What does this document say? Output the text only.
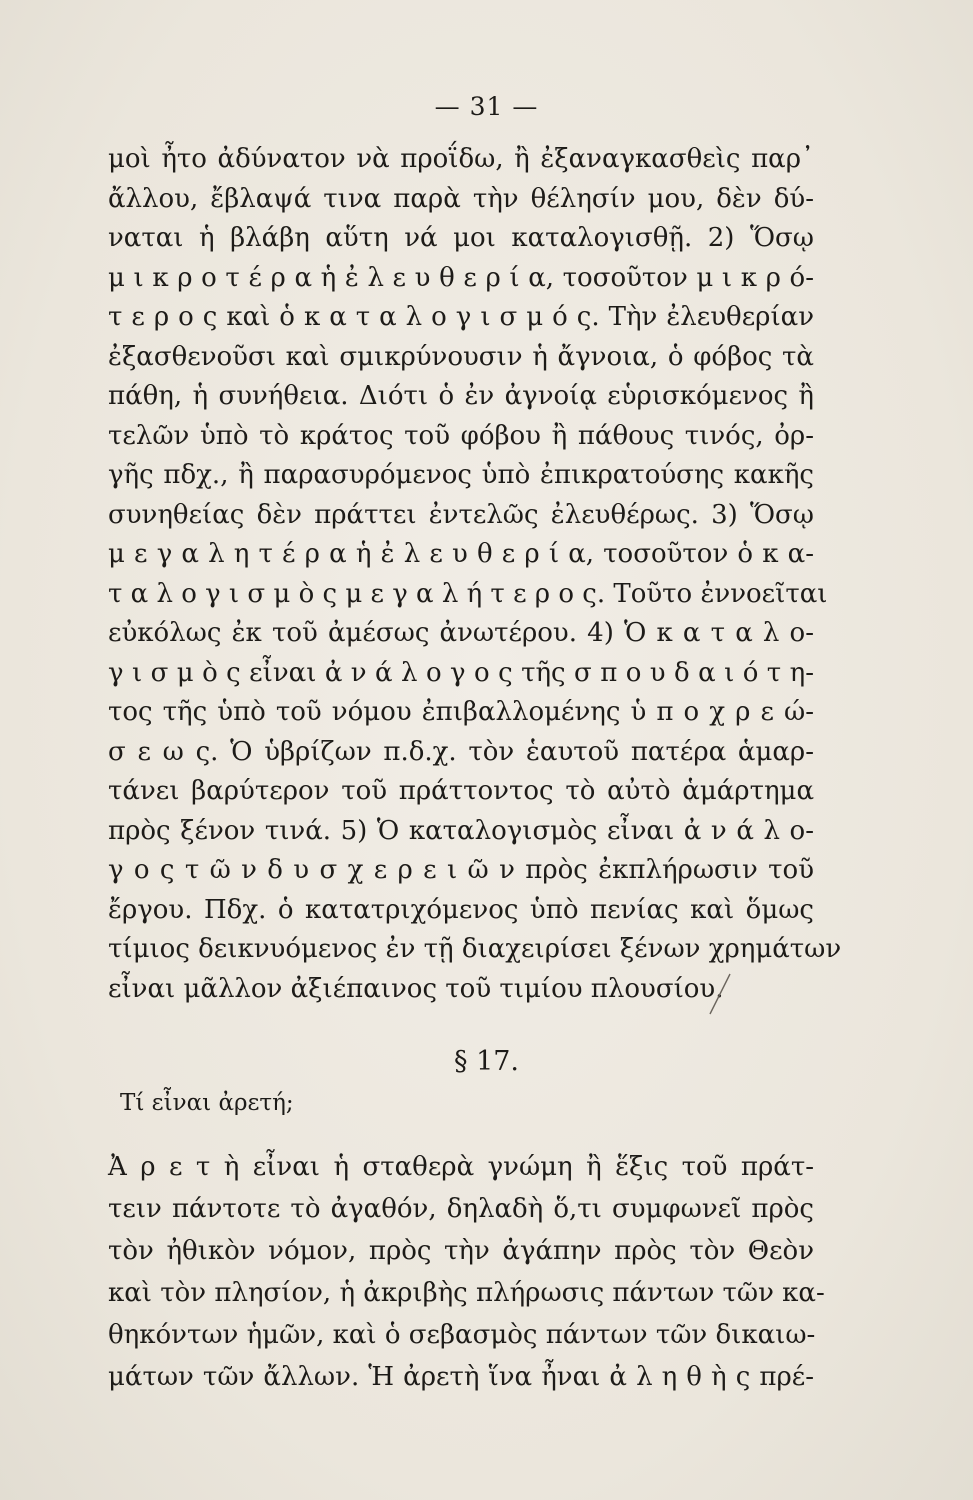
— 31 —
μοὶ ἦτο ἀδύνατον νὰ προΐδω, ἢ ἐξαναγκασθεὶς παρ᾽
ἄλλου, ἔβλαψά τινα παρὰ τὴν θέλησίν μου, δὲν δύ-
ναται ἡ βλάβη αὕτη νά μοι καταλογισθῇ. 2) Ὅσῳ
μ ι κ ρ ο τ έ ρ α ἡ ἐ λ ε υ θ ε ρ ί α, τοσοῦτον μ ι κ ρ ό-
τ ε ρ ο ς καὶ ὁ κ α τ α λ ο γ ι σ μ ό ς. Τὴν ἐλευθερίαν
ἐξασθενοῦσι καὶ σμικρύνουσιν ἡ ἄγνοια, ὁ φόβος τὰ
πάθη, ἡ συνήθεια. Διότι ὁ ἐν ἀγνοίᾳ εὑρισκόμενος ἢ
τελῶν ὑπὸ τὸ κράτος τοῦ φόβου ἢ πάθους τινός, ὀρ-
γῆς πδχ., ἢ παρασυρόμενος ὑπὸ ἐπικρατούσης κακῆς
συνηθείας δὲν πράττει ἐντελῶς ἐλευθέρως. 3) Ὅσῳ
μ ε γ α λ η τ έ ρ α ἡ ἐ λ ε υ θ ε ρ ί α, τοσοῦτον ὁ κ α-
τ α λ ο γ ι σ μ ὸ ς μ ε γ α λ ή τ ε ρ ο ς. Τοῦτο ἐννοεῖται
εὐκόλως ἐκ τοῦ ἀμέσως ἀνωτέρου. 4) Ὁ κ α τ α λ ο-
γ ι σ μ ὸ ς εἶναι ἀ ν ά λ ο γ ο ς τῆς σ π ο υ δ α ι ό τ η-
τος τῆς ὑπὸ τοῦ νόμου ἐπιβαλλομένης ὑ π ο χ ρ ε ώ-
σ ε ω ς. Ὁ ὑβρίζων π.δ.χ. τὸν ἑαυτοῦ πατέρα ἁμαρ-
τάνει βαρύτερον τοῦ πράττοντος τὸ αὐτὸ ἁμάρτημα
πρὸς ξένον τινά. 5) Ὁ καταλογισμὸς εἶναι ἀ ν ά λ ο-
γ ο ς τ ῶ ν δ υ σ χ ε ρ ε ι ῶ ν πρὸς ἐκπλήρωσιν τοῦ
ἔργου. Πδχ. ὁ κατατριχόμενος ὑπὸ πενίας καὶ ὅμως
τίμιος δεικνυόμενος ἐν τῇ διαχειρίσει ξένων χρημάτων
εἶναι μᾶλλον ἀξιέπαινος τοῦ τιμίου πλουσίου.
§ 17.
Τί εἶναι ἀρετή;
Ἀ ρ ε τ ὴ εἶναι ἡ σταθερὰ γνώμη ἢ ἕξις τοῦ πράτ-
τειν πάντοτε τὸ ἀγαθόν, δηλαδὴ ὅ,τι συμφωνεῖ πρὸς
τὸν ἠθικὸν νόμον, πρὸς τὴν ἀγάπην πρὸς τὸν Θεὸν
καὶ τὸν πλησίον, ἡ ἀκριβὴς πλήρωσις πάντων τῶν κα-
θηκόντων ἡμῶν, καὶ ὁ σεβασμὸς πάντων τῶν δικαιω-
μάτων τῶν ἄλλων. Ἡ ἀρετὴ ἵνα ἦναι ἀ λ η θ ὴ ς πρέ-
